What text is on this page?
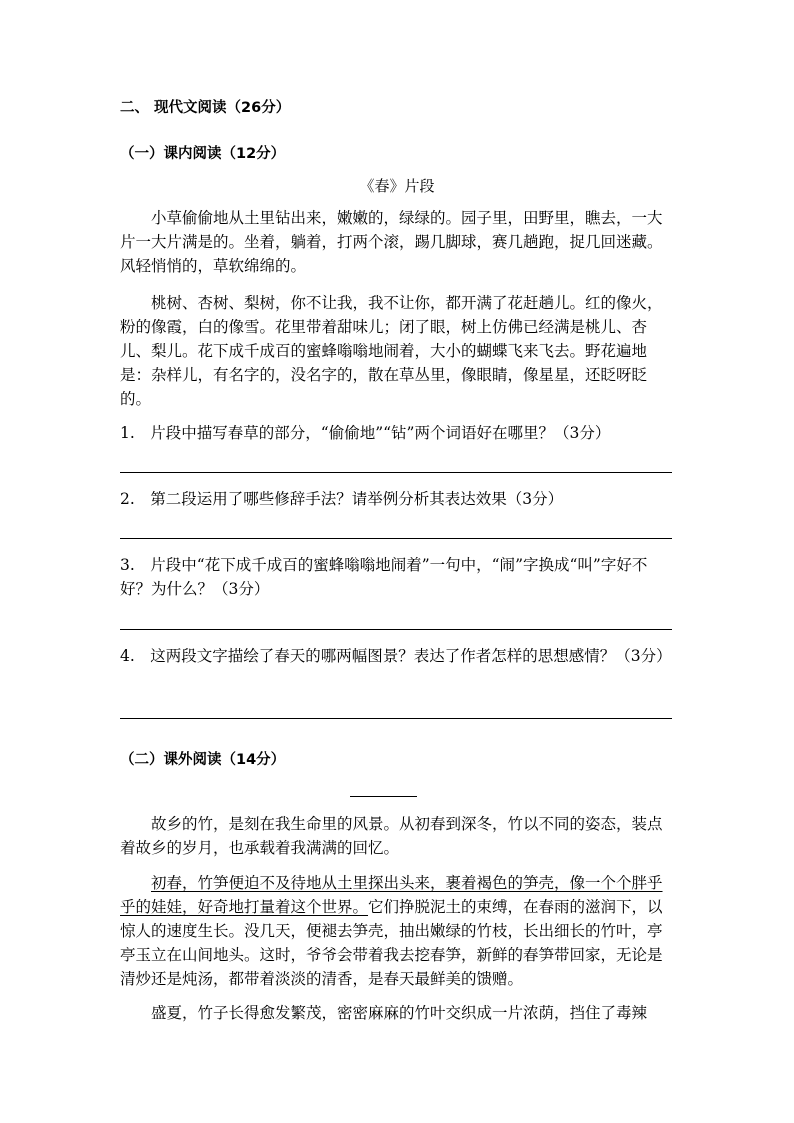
二、 现代文阅读（26分）
（一）课内阅读（12分）
《春》片段

小草偷偷地从土里钻出来，嫩嫩的，绿绿的。园子里，田野里，瞧去，一大片一大片满是的。坐着，躺着，打两个滚，踢几脚球，赛几趟跑，捉几回迷藏。风轻悄悄的，草软绵绵的。

桃树、杏树、梨树，你不让我，我不让你，都开满了花赶趟儿。红的像火，粉的像霞，白的像雪。花里带着甜味儿；闭了眼，树上仿佛已经满是桃儿、杏儿、梨儿。花下成千成百的蜜蜂嗡嗡地闹着，大小的蝴蝶飞来飞去。野花遍地是：杂样儿，有名字的，没名字的，散在草丛里，像眼睛，像星星，还眨呀眨的。

1.　片段中描写春草的部分，“偷偷地”“钻”两个词语好在哪里？（3分）

2.　第二段运用了哪些修辞手法？请举例分析其表达效果（3分）

3.　片段中“花下成千成百的蜜蜂嗡嗡地闹着”一句中，“闹”字换成“叫”字好不好？为什么？（3分）

4.　这两段文字描绘了春天的哪两幅图景？表达了作者怎样的思想感情？（3分）

（二）课外阅读（14分）

故乡的竹，是刻在我生命里的风景。从初春到深冬，竹以不同的姿态，装点着故乡的岁月，也承载着我满满的回忆。

初春，竹笋便迫不及待地从土里探出头来，裹着褐色的笋壳，像一个个胖乎乎的娃娃，好奇地打量着这个世界。它们挣脱泥土的束缚，在春雨的滋润下，以惊人的速度生长。没几天，便褪去笋壳，抽出嫩绿的竹枝，长出细长的竹叶，亭亭玉立在山间地头。这时，爷爷会带着我去挖春笋，新鲜的春笋带回家，无论是清炒还是炖汤，都带着淡淡的清香，是春天最鲜美的馈赠。

盛夏，竹子长得愈发繁茂，密密麻麻的竹叶交织成一片浓荫，挡住了毒辣
